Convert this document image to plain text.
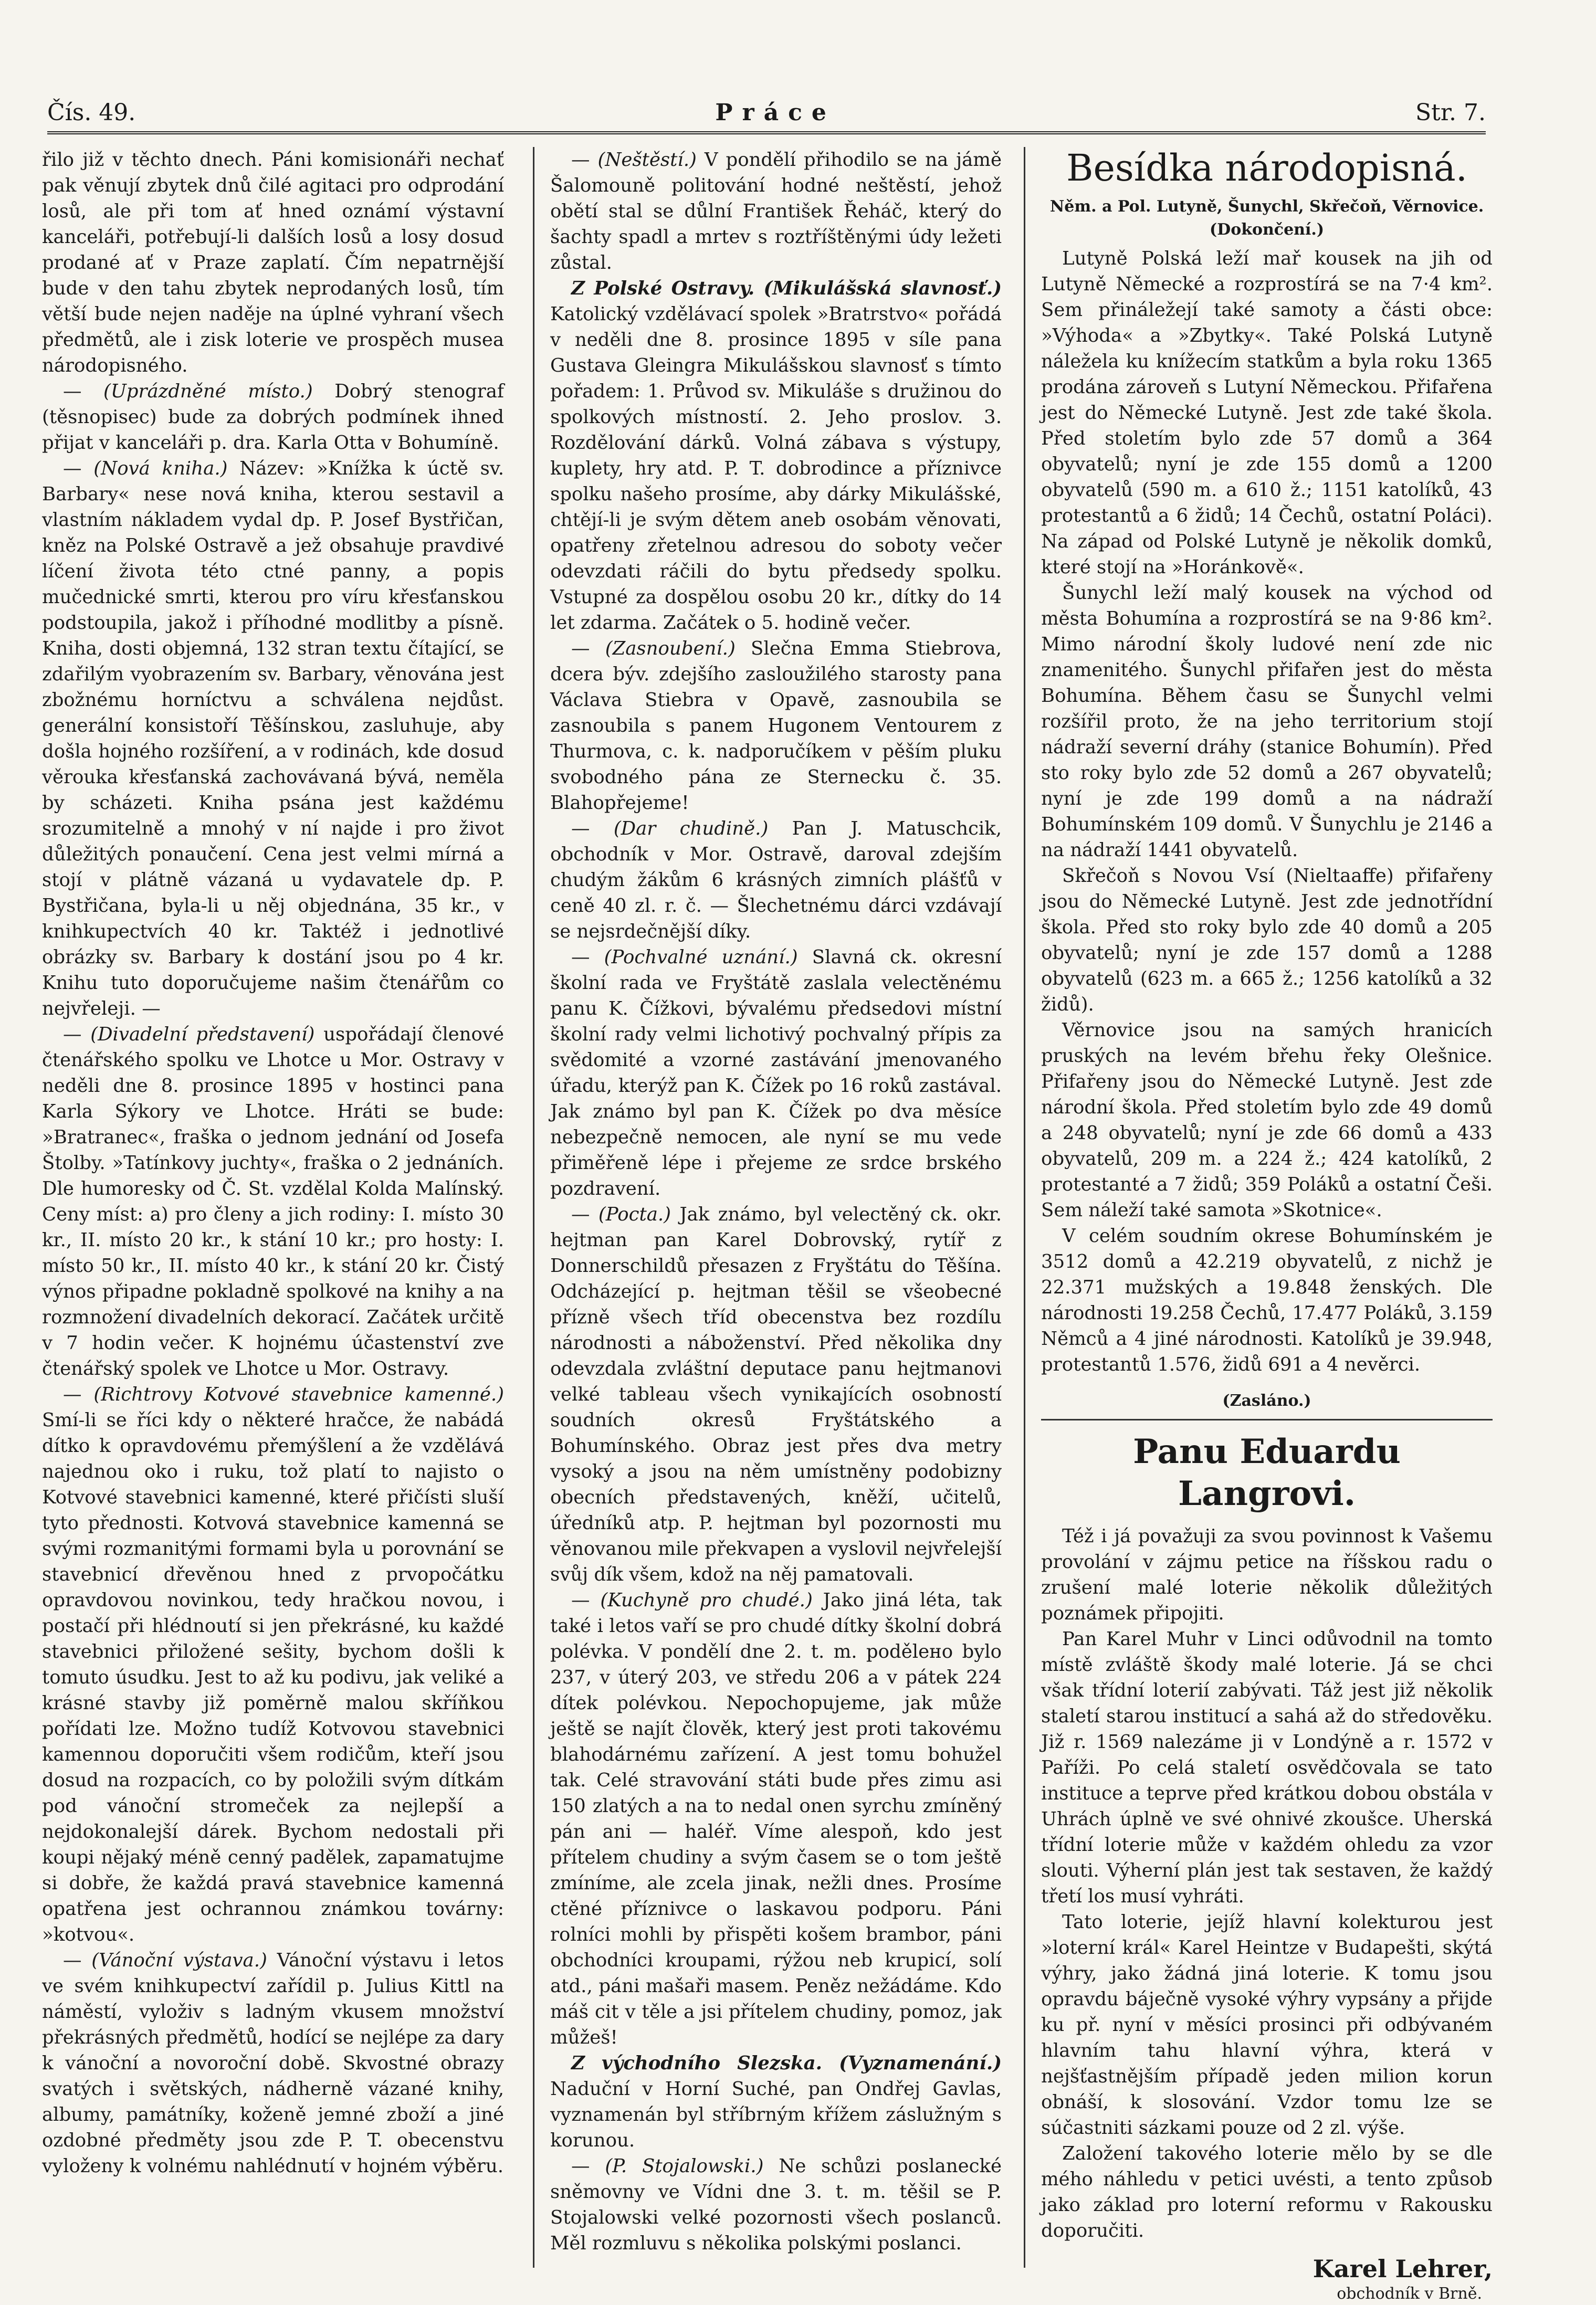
Čís. 49.	Práce	Str. 7.

řilo již v těchto dnech. Páni komisionáři nechať pak věnují zbytek dnů čilé agitaci pro odprodání losů, ale při tom ať hned oznámí výstavní kanceláři, potřebují-li dalších losů a losy dosud prodané ať v Praze zaplatí. Čím nepatrnější bude v den tahu zbytek neprodaných losů, tím větší bude nejen naděje na úplné vyhraní všech předmětů, ale i zisk loterie ve prospěch musea národopisného.

— (Uprázdněné místo.) Dobrý stenograf (těsnopisec) bude za dobrých podmínek ihned přijat v kanceláři p. dra. Karla Otta v Bohumíně.

— (Nová kniha.) Název: »Knížka k úctě sv. Barbary« nese nová kniha, kterou sestavil a vlastním nákladem vydal dp. P. Josef Bystřičan, kněz na Polské Ostravě a jež obsahuje pravdivé líčení života této ctné panny, a popis mučednické smrti, kterou pro víru křesťanskou podstoupila, jakož i příhodné modlitby a písně. Kniha, dosti objemná, 132 stran textu čítající, se zdařilým vyobrazením sv. Barbary, věnována jest zbožnému horníctvu a schválena nejdůst. generální konsistoří Těšínskou, zasluhuje, aby došla hojného rozšíření, a v rodinách, kde dosud věrouka křesťanská zachovávaná bývá, neměla by scházeti. Kniha psána jest každému srozumitelně a mnohý v ní najde i pro život důležitých ponaučení. Cena jest velmi mírná a stojí v plátně vázaná u vydavatele dp. P. Bystřičana, byla-li u něj objednána, 35 kr., v knihkupectvích 40 kr. Taktéž i jednotlivé obrázky sv. Barbary k dostání jsou po 4 kr. Knihu tuto doporučujeme našim čtenářům co nejvřeleji. —

— (Divadelní představení) uspořádají členové čtenářského spolku ve Lhotce u Mor. Ostravy v neděli dne 8. prosince 1895 v hostinci pana Karla Sýkory ve Lhotce. Hráti se bude: »Bratranec«, fraška o jednom jednání od Josefa Štolby. »Tatínkovy juchty«, fraška o 2 jednáních. Dle humoresky od Č. St. vzdělal Kolda Malínský. Ceny míst: a) pro členy a jich rodiny: I. místo 30 kr., II. místo 20 kr., k stání 10 kr.; pro hosty: I. místo 50 kr., II. místo 40 kr., k stání 20 kr. Čistý výnos připadne pokladně spolkové na knihy a na rozmnožení divadelních dekorací. Začátek určitě v 7 hodin večer. K hojnému účastenství zve čtenářský spolek ve Lhotce u Mor. Ostravy.

— (Richtrovy Kotvové stavebnice kamenné.) Smí-li se říci kdy o některé hračce, že nabádá dítko k opravdovému přemýšlení a že vzdělává najednou oko i ruku, tož platí to najisto o Kotvové stavebnici kamenné, které přičísti sluší tyto přednosti. Kotvová stavebnice kamenná se svými rozmanitými formami byla u porovnání se stavebnicí dřevěnou hned z prvopočátku opravdovou novinkou, tedy hračkou novou, i postačí při hlédnoutí si jen překrásné, ku každé stavebnici přiložené sešity, bychom došli k tomuto úsudku. Jest to až ku podivu, jak veliké a krásné stavby již poměrně malou skříňkou pořídati lze. Možno tudíž Kotvovou stavebnici kamennou doporučiti všem rodičům, kteří jsou dosud na rozpacích, co by položili svým dítkám pod vánoční stromeček za nejlepší a nejdokonalejší dárek. Bychom nedostali při koupi nějaký méně cenný padělek, zapamatujme si dobře, že každá pravá stavebnice kamenná opatřena jest ochrannou známkou továrny: »kotvou«.

— (Vánoční výstava.) Vánoční výstavu i letos ve svém knihkupectví zařídil p. Julius Kittl na náměstí, vyloživ s ladným vkusem množství překrásných předmětů, hodící se nejlépe za dary k vánoční a novoroční době. Skvostné obrazy svatých i světských, nádherně vázané knihy, albumy, památníky, koženě jemné zboží a jiné ozdobné předměty jsou zde P. T. obecenstvu vyloženy k volnému nahlédnutí v hojném výběru.

— (Neštěstí.) V pondělí přihodilo se na jámě Šalomouně politování hodné neštěstí, jehož obětí stal se důlní František Řeháč, který do šachty spadl a mrtev s roztříštěnými údy ležeti zůstal.

Z Polské Ostravy. (Mikulášská slavnosť.) Katolický vzdělávací spolek »Bratrstvo« pořádá v neděli dne 8. prosince 1895 v síle pana Gustava Gleingra Mikulášskou slavnosť s tímto pořadem: 1. Průvod sv. Mikuláše s družinou do spolkových místností. 2. Jeho proslov. 3. Rozdělování dárků. Volná zábava s výstupy, kuplety, hry atd. P. T. dobrodince a příznivce spolku našeho prosíme, aby dárky Mikulášské, chtějí-li je svým dětem aneb osobám věnovati, opatřeny zřetelnou adresou do soboty večer odevzdati ráčili do bytu předsedy spolku. Vstupné za dospělou osobu 20 kr., dítky do 14 let zdarma. Začátek o 5. hodině večer.

— (Zasnoubení.) Slečna Emma Stiebrova, dcera býv. zdejšího zasloužilého starosty pana Václava Stiebra v Opavě, zasnoubila se zasnoubila s panem Hugonem Ventourem z Thurmova, c. k. nadporučíkem v pěším pluku svobodného pána ze Sternecku č. 35. Blahopřejeme!

— (Dar chudině.) Pan J. Matuschcik, obchodník v Mor. Ostravě, daroval zdejším chudým žákům 6 krásných zimních plášťů v ceně 40 zl. r. č. — Šlechetnému dárci vzdávají se nejsrdečnější díky.

— (Pochvalné uznání.) Slavná ck. okresní školní rada ve Fryštátě zaslala velectěnému panu K. Čížkovi, bývalému předsedovi místní školní rady velmi lichotivý pochvalný přípis za svědomité a vzorné zastávání jmenovaného úřadu, kterýž pan K. Čížek po 16 roků zastával. Jak známo byl pan K. Čížek po dva měsíce nebezpečně nemocen, ale nyní se mu vede přiměřeně lépe i přejeme ze srdce brského pozdravení.

— (Pocta.) Jak známo, byl velectěný ck. okr. hejtman pan Karel Dobrovský, rytíř z Donnerschildů přesazen z Fryštátu do Těšína. Odcházející p. hejtman těšil se všeobecné přízně všech tříd obecenstva bez rozdílu národnosti a náboženství. Před několika dny odevzdala zvláštní deputace panu hejtmanovi velké tableau všech vynikajících osobností soudních okresů Fryštátského a Bohumínského. Obraz jest přes dva metry vysoký a jsou na něm umístněny podobizny obecních představených, kněží, učitelů, úředníků atp. P. hejtman byl pozornosti mu věnovanou mile překvapen a vyslovil nejvřelejší svůj dík všem, kdož na něj pamatovali.

— (Kuchyně pro chudé.) Jako jiná léta, tak také i letos vaří se pro chudé dítky školní dobrá polévka. V pondělí dne 2. t. m. podělено bylo 237, v úterý 203, ve středu 206 a v pátek 224 dítek polévkou. Nepochopujeme, jak může ještě se najít člověk, který jest proti takovému blahodárnému zařízení. A jest tomu bohužel tak. Celé stravování státi bude přes zimu asi 150 zlatých a na to nedal onen syrchu zmíněný pán ani — haléř. Víme alespoň, kdo jest přítelem chudiny a svým časem se o tom ještě zmíníme, ale zcela jinak, nežli dnes. Prosíme ctěné příznivce o laskavou podporu. Páni rolníci mohli by přispěti košem brambor, páni obchodníci kroupami, rýžou neb krupicí, solí atd., páni mašaři masem. Peněz nežádáme. Kdo máš cit v těle a jsi přítelem chudiny, pomoz, jak můžeš!

Z východního Slezska. (Vyznamenání.) Naduční v Horní Suché, pan Ondřej Gavlas, vyznamenán byl stříbrným křížem záslužným s korunou.

— (P. Stojalowski.) Ne schůzi poslanecké sněmovny ve Vídni dne 3. t. m. těšil se P. Stojalowski velké pozornosti všech poslanců. Měl rozmluvu s několika polskými poslanci.

Besídka národopisná.
Něm. a Pol. Lutyně, Šunychl, Skřečoň, Věrnovice.
(Dokončení.)

Lutyně Polská leží mař kousek na jih od Lutyně Německé a rozprostírá se na 7·4 km². Sem přináležejí také samoty a části obce: »Výhoda« a »Zbytky«. Také Polská Lutyně náležela ku knížecím statkům a byla roku 1365 prodána zároveň s Lutyní Německou. Přifařena jest do Německé Lutyně. Jest zde také škola. Před stoletím bylo zde 57 domů a 364 obyvatelů; nyní je zde 155 domů a 1200 obyvatelů (590 m. a 610 ž.; 1151 katolíků, 43 protestantů a 6 židů; 14 Čechů, ostatní Poláci). Na západ od Polské Lutyně je několik domků, které stojí na »Horánkově«.

Šunychl leží malý kousek na východ od města Bohumína a rozprostírá se na 9·86 km². Mimo národní školy ludové není zde nic znamenitého. Šunychl přifařen jest do města Bohumína. Během času se Šunychl velmi rozšířil proto, že na jeho territorium stojí nádraží severní dráhy (stanice Bohumín). Před sto roky bylo zde 52 domů a 267 obyvatelů; nyní je zde 199 domů a na nádraží Bohumínském 109 domů. V Šunychlu je 2146 a na nádraží 1441 obyvatelů.

Skřečoň s Novou Vsí (Nieltaaffe) přifařeny jsou do Německé Lutyně. Jest zde jednotřídní škola. Před sto roky bylo zde 40 domů a 205 obyvatelů; nyní je zde 157 domů a 1288 obyvatelů (623 m. a 665 ž.; 1256 katolíků a 32 židů).

Věrnovice jsou na samých hranicích pruských na levém břehu řeky Olešnice. Přifařeny jsou do Německé Lutyně. Jest zde národní škola. Před stoletím bylo zde 49 domů a 248 obyvatelů; nyní je zde 66 domů a 433 obyvatelů, 209 m. a 224 ž.; 424 katolíků, 2 protestanté a 7 židů; 359 Poláků a ostatní Češi. Sem náleží také samota »Skotnice«.

V celém soudním okrese Bohumínském je 3512 domů a 42.219 obyvatelů, z nichž je 22.371 mužských a 19.848 ženských. Dle národnosti 19.258 Čechů, 17.477 Poláků, 3.159 Němců a 4 jiné národnosti. Katolíků je 39.948, protestantů 1.576, židů 691 a 4 nevěrci.

(Zasláno.)
Panu Eduardu Langrovi.

Též i já považuji za svou povinnost k Vašemu provolání v zájmu petice na říšskou radu o zrušení malé loterie několik důležitých poznámek připojiti.

Pan Karel Muhr v Linci odůvodnil na tomto místě zvláště škody malé loterie. Já se chci však třídní loterií zabývati. Táž jest již několik staletí starou institucí a sahá až do středověku. Již r. 1569 nalezáme ji v Londýně a r. 1572 v Paříži. Po celá staletí osvědčovala se tato instituce a teprve před krátkou dobou obstála v Uhrách úplně ve své ohnivé zkoušce. Uherská třídní loterie může v každém ohledu za vzor slouti. Výherní plán jest tak sestaven, že každý třetí los musí vyhráti.

Tato loterie, jejíž hlavní kolekturou jest »loterní král« Karel Heintze v Budapešti, skýtá výhry, jako žádná jiná loterie. K tomu jsou opravdu báječně vysoké výhry vypsány a přijde ku př. nyní v měsíci prosinci při odbývaném hlavním tahu hlavní výhra, která v nejšťastnějším případě jeden milion korun obnáší, k slosování. Vzdor tomu lze se súčastniti sázkami pouze od 2 zl. výše.

Založení takového loterie mělo by se dle mého náhledu v petici uvésti, a tento způsob jako základ pro loterní reformu v Rakousku doporučiti.

Karel Lehrer,
obchodník v Brně.
